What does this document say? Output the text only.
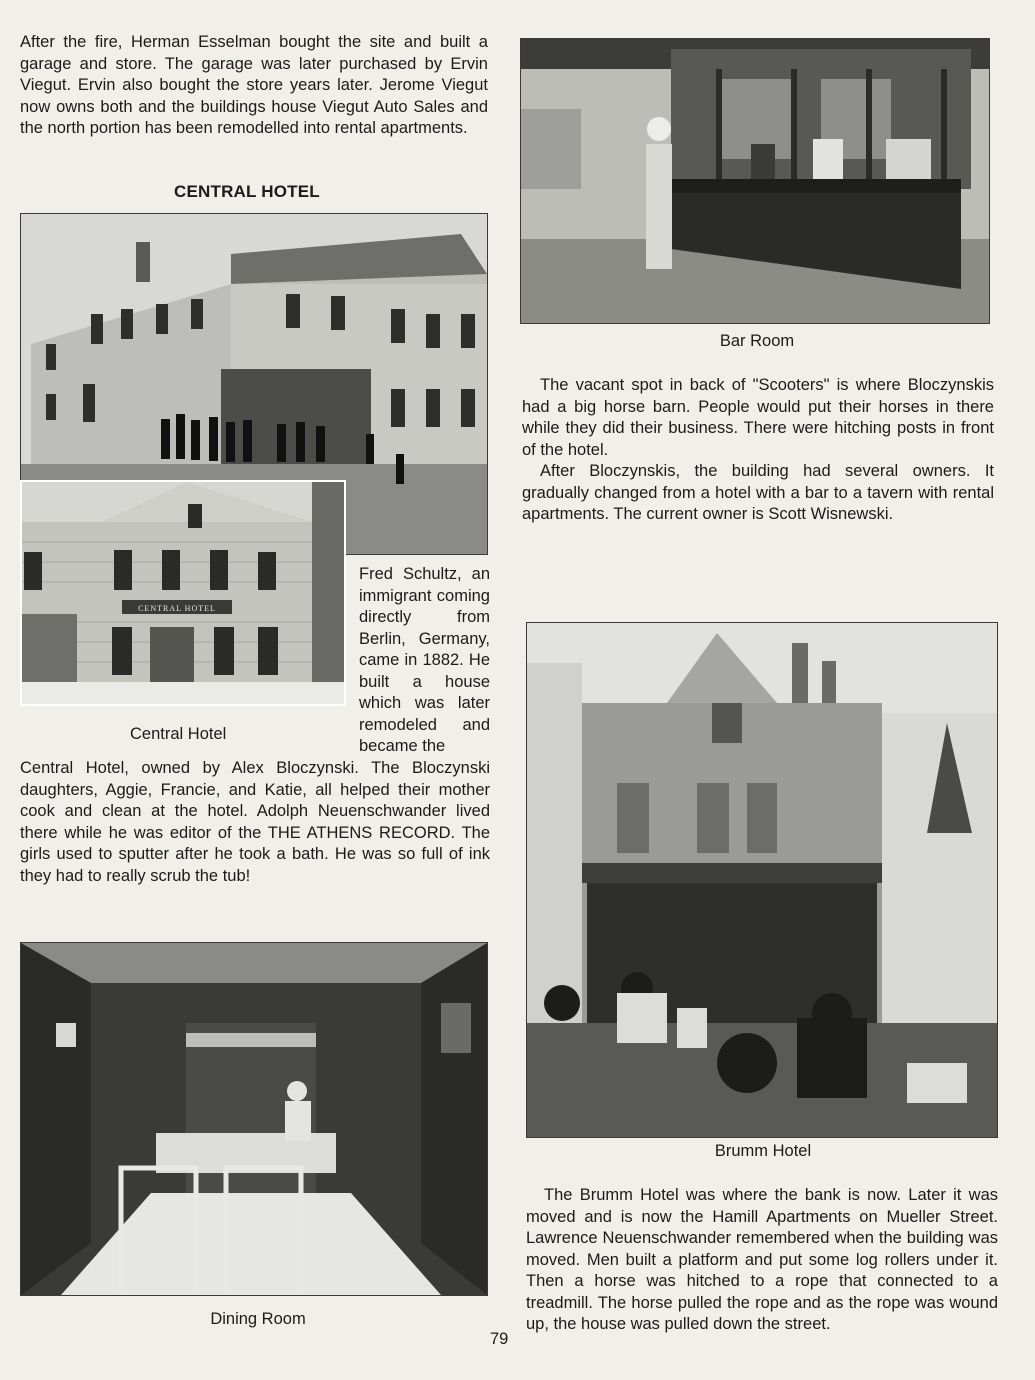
After the fire, Herman Esselman bought the site and built a garage and store. The garage was later purchased by Ervin Viegut. Ervin also bought the store years later. Jerome Viegut now owns both and the buildings house Viegut Auto Sales and the north portion has been remodelled into rental apartments.

CENTRAL HOTEL
CENTRAL HOTEL
Central Hotel

Fred Schultz, an immigrant coming directly from Berlin, Germany, came in 1882. He built a house which was later remodeled and became the

Central Hotel, owned by Alex Bloczynski. The Bloczynski daughters, Aggie, Francie, and Katie, all helped their mother cook and clean at the hotel. Adolph Neuenschwander lived there while he was editor of the THE ATHENS RECORD. The girls used to sputter after he took a bath. He was so full of ink they had to really scrub the tub!

Bar Room

The vacant spot in back of "Scooters" is where Bloczynskis had a big horse barn. People would put their horses in there while they did their business. There were hitching posts in front of the hotel.

After Bloczynskis, the building had several owners. It gradually changed from a hotel with a bar to a tavern with rental apartments. The current owner is Scott Wisnewski.

Brumm Hotel

The Brumm Hotel was where the bank is now. Later it was moved and is now the Hamill Apartments on Mueller Street. Lawrence Neuenschwander remembered when the building was moved. Men built a platform and put some log rollers under it. Then a horse was hitched to a rope that connected to a treadmill. The horse pulled the rope and as the rope was wound up, the house was pulled down the street.

Dining Room
79
